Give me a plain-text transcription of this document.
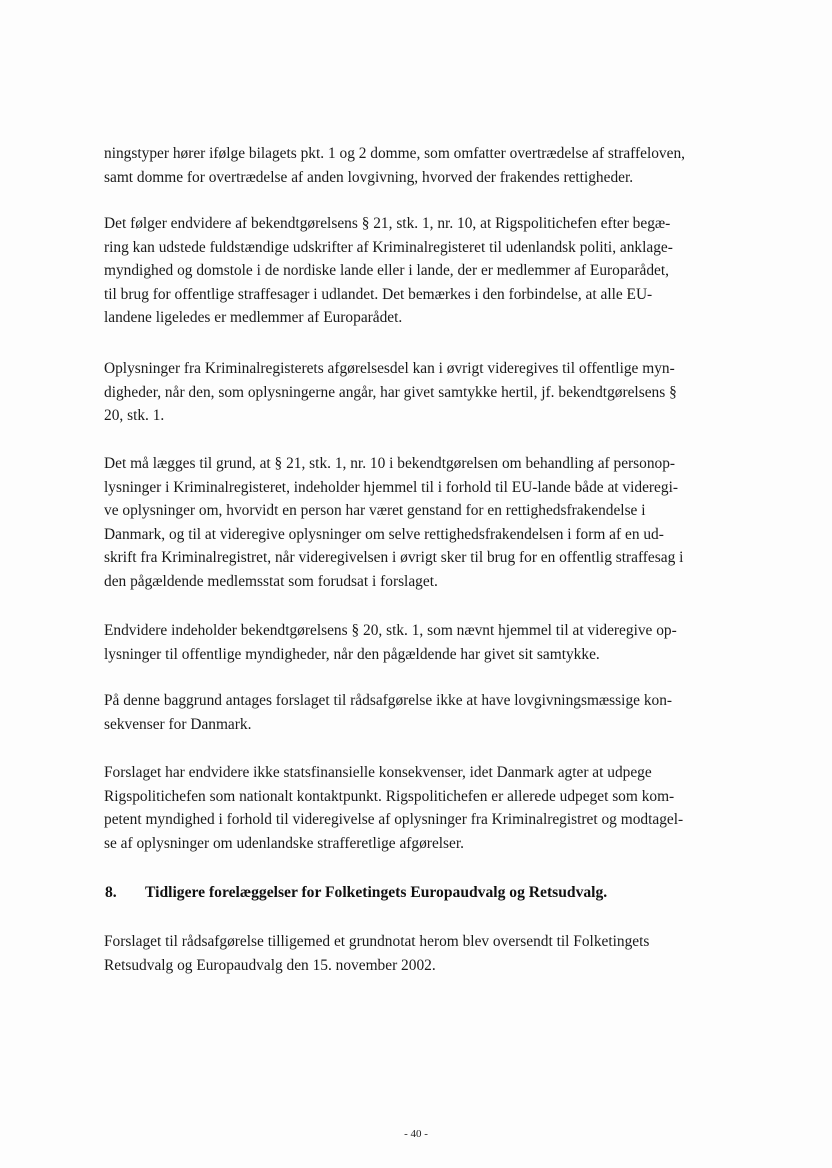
ningstyper hører ifølge bilagets pkt. 1 og 2 domme, som omfatter overtrædelse af straffeloven,
samt domme for overtrædelse af anden lovgivning, hvorved der frakendes rettigheder.
Det følger endvidere af bekendtgørelsens § 21, stk. 1, nr. 10, at Rigspolitichefen efter begæ-
ring kan udstede fuldstændige udskrifter af Kriminalregisteret til udenlandsk politi, anklage-
myndighed og domstole i de nordiske lande eller i lande, der er medlemmer af Europarådet,
til brug for offentlige straffesager i udlandet. Det bemærkes i den forbindelse, at alle EU-
landene ligeledes er medlemmer af Europarådet.
Oplysninger fra Kriminalregisterets afgørelsesdel kan i øvrigt videregives til offentlige myn-
digheder, når den, som oplysningerne angår, har givet samtykke hertil, jf. bekendtgørelsens §
20, stk. 1.
Det må lægges til grund, at § 21, stk. 1, nr. 10 i bekendtgørelsen om behandling af personop-
lysninger i Kriminalregisteret, indeholder hjemmel til i forhold til EU-lande både at videregi-
ve oplysninger om, hvorvidt en person har været genstand for en rettighedsfrakendelse i
Danmark, og til at videregive oplysninger om selve rettighedsfrakendelsen i form af en ud-
skrift fra Kriminalregistret, når videregivelsen i øvrigt sker til brug for en offentlig straffesag i
den pågældende medlemsstat som forudsat i forslaget.
Endvidere indeholder bekendtgørelsens § 20, stk. 1, som nævnt hjemmel til at videregive op-
lysninger til offentlige myndigheder, når den pågældende har givet sit samtykke.
På denne baggrund antages forslaget til rådsafgørelse ikke at have lovgivningsmæssige kon-
sekvenser for Danmark.
Forslaget har endvidere ikke statsfinansielle konsekvenser, idet Danmark agter at udpege
Rigspolitichefen som nationalt kontaktpunkt. Rigspolitichefen er allerede udpeget som kom-
petent myndighed i forhold til videregivelse af oplysninger fra Kriminalregistret og modtagel-
se af oplysninger om udenlandske strafferetlige afgørelser.
8. Tidligere forelæggelser for Folketingets Europaudvalg og Retsudvalg.
Forslaget til rådsafgørelse tilligemed et grundnotat herom blev oversendt til Folketingets
Retsudvalg og Europaudvalg den 15. november 2002.
- 40 -
